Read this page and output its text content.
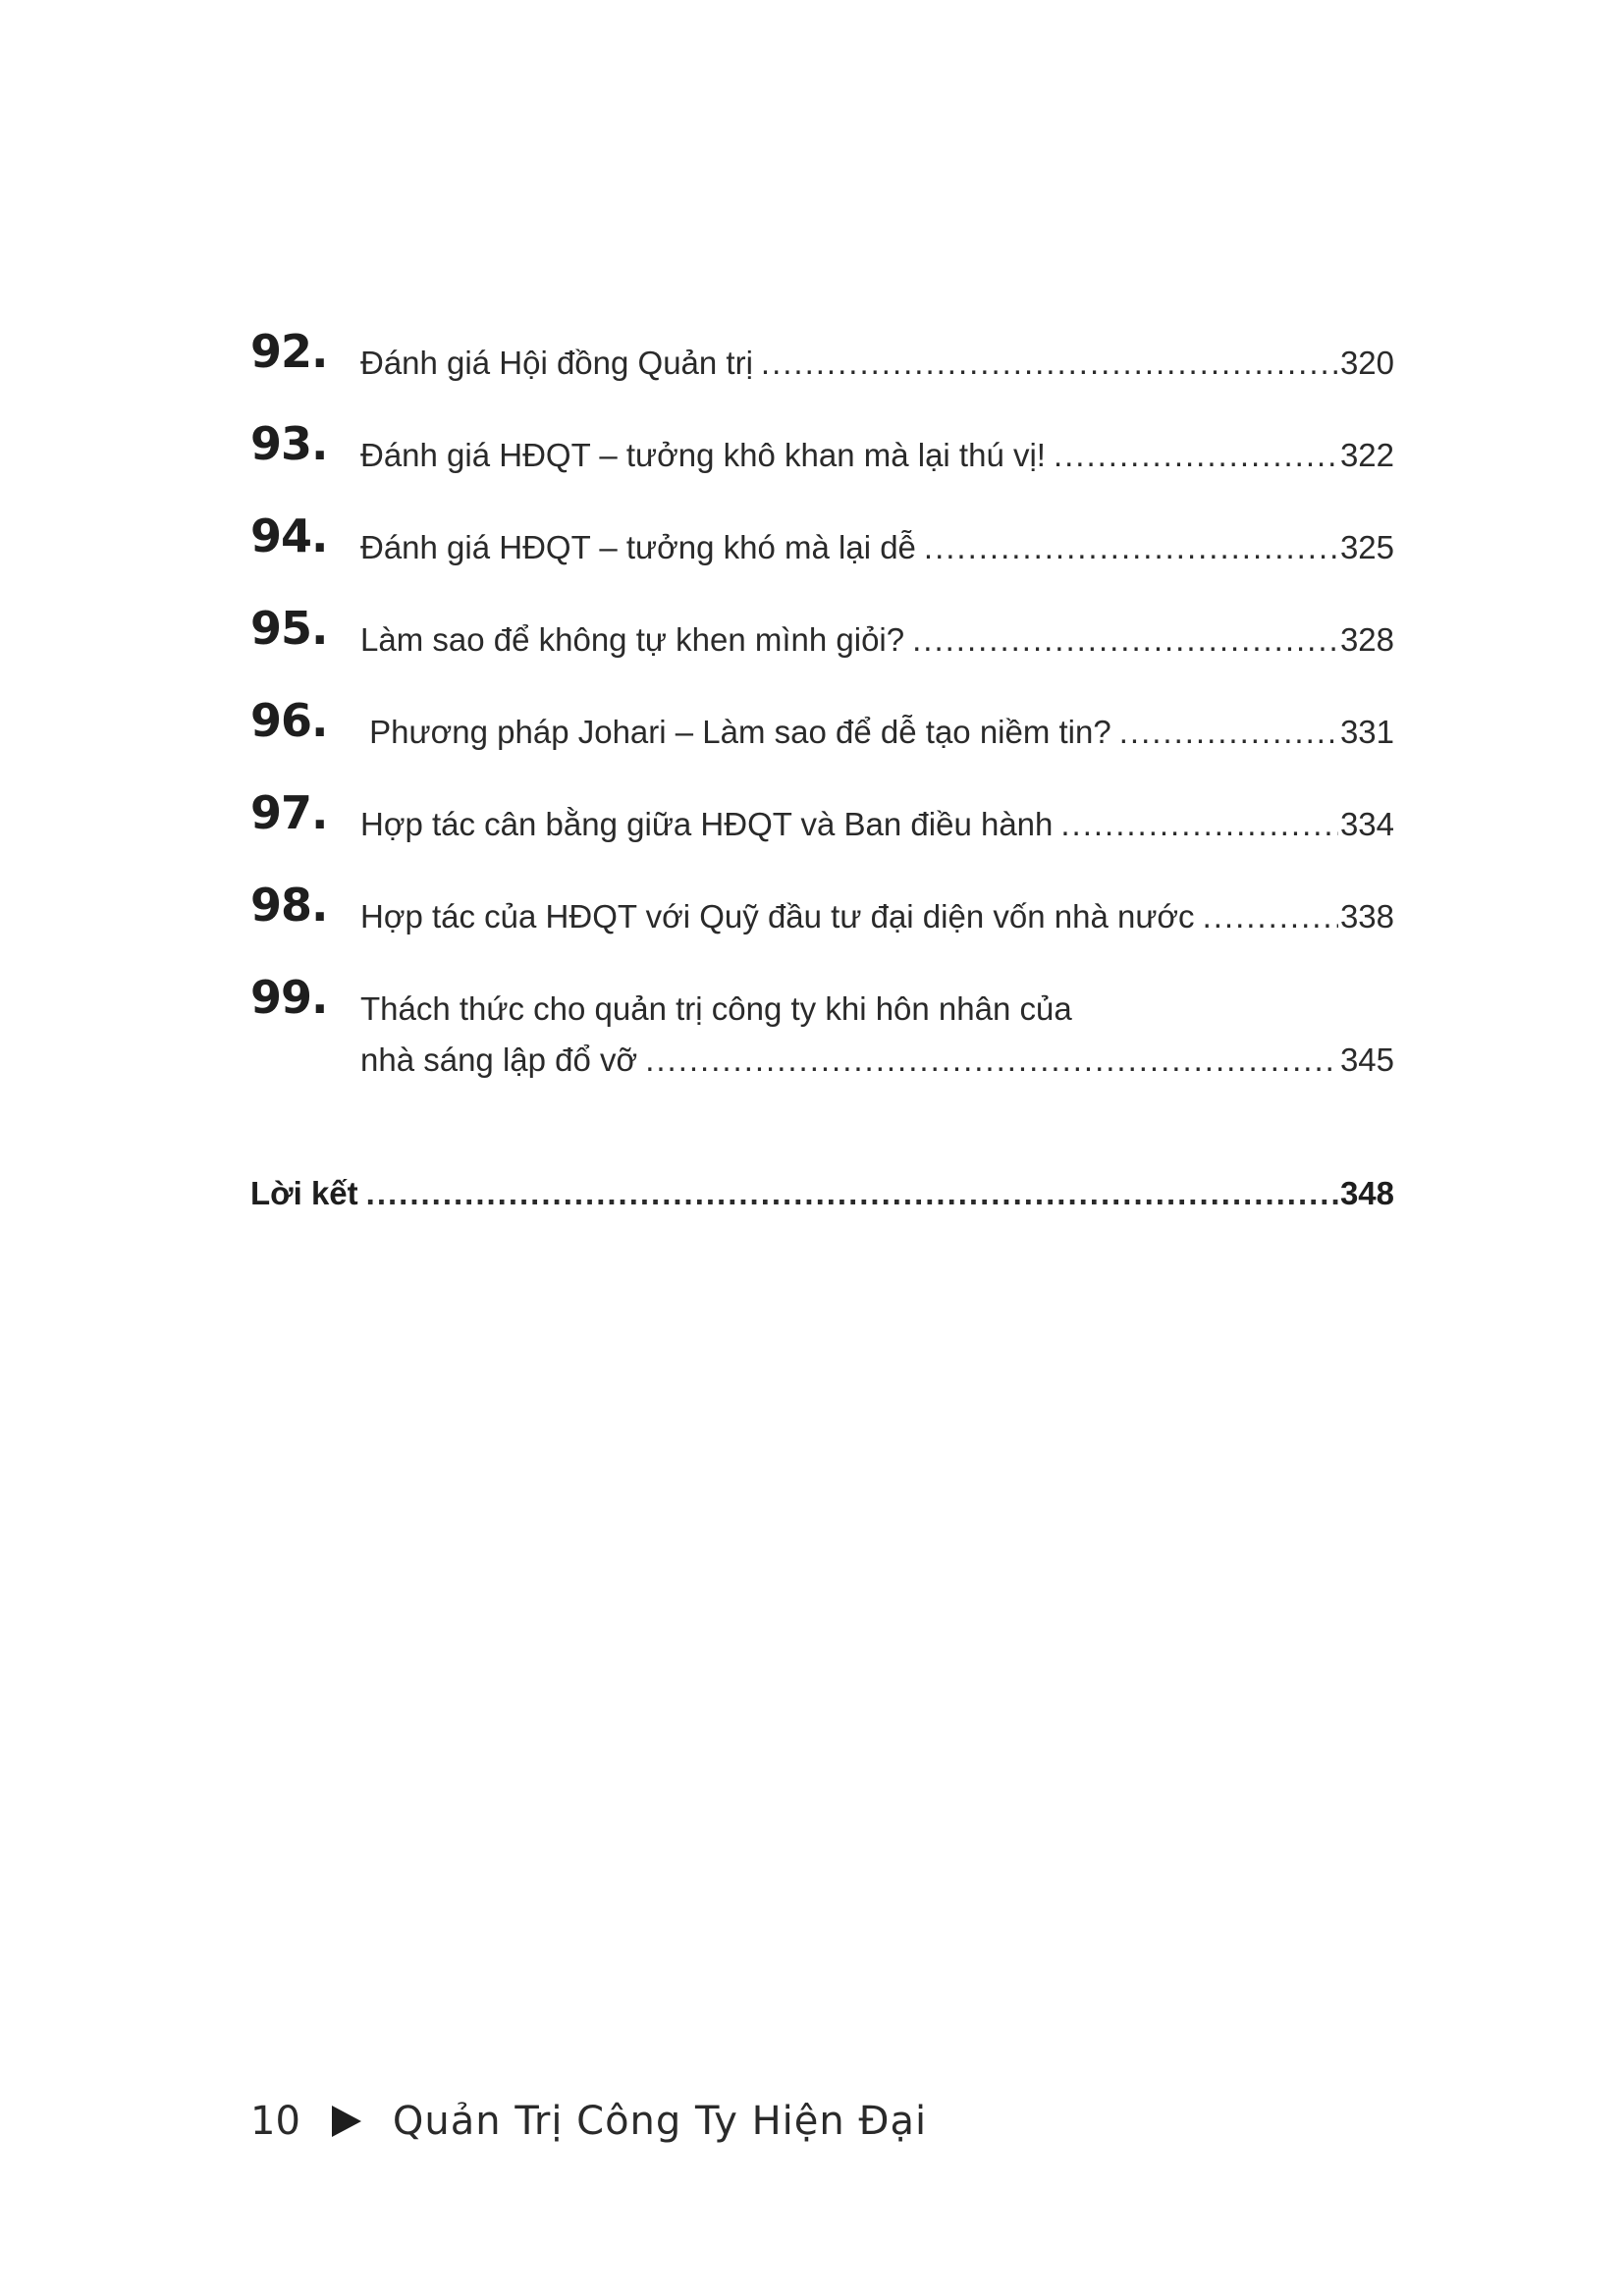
92. Đánh giá Hội đồng Quản trị .....	320
93. Đánh giá HĐQT – tưởng khô khan mà lại thú vị! .....	322
94. Đánh giá HĐQT – tưởng khó mà lại dễ .....	325
95. Làm sao để không tự khen mình giỏi? .....	328
96. Phương pháp Johari – Làm sao để dễ tạo niềm tin? .....	331
97. Hợp tác cân bằng giữa HĐQT và Ban điều hành .....	334
98. Hợp tác của HĐQT với Quỹ đầu tư đại diện vốn nhà nước .....	338
99. Thách thức cho quản trị công ty khi hôn nhân của
nhà sáng lập đổ vỡ .....	345
Lời kết .....	348
10 Quản Trị Công Ty Hiện Đại
